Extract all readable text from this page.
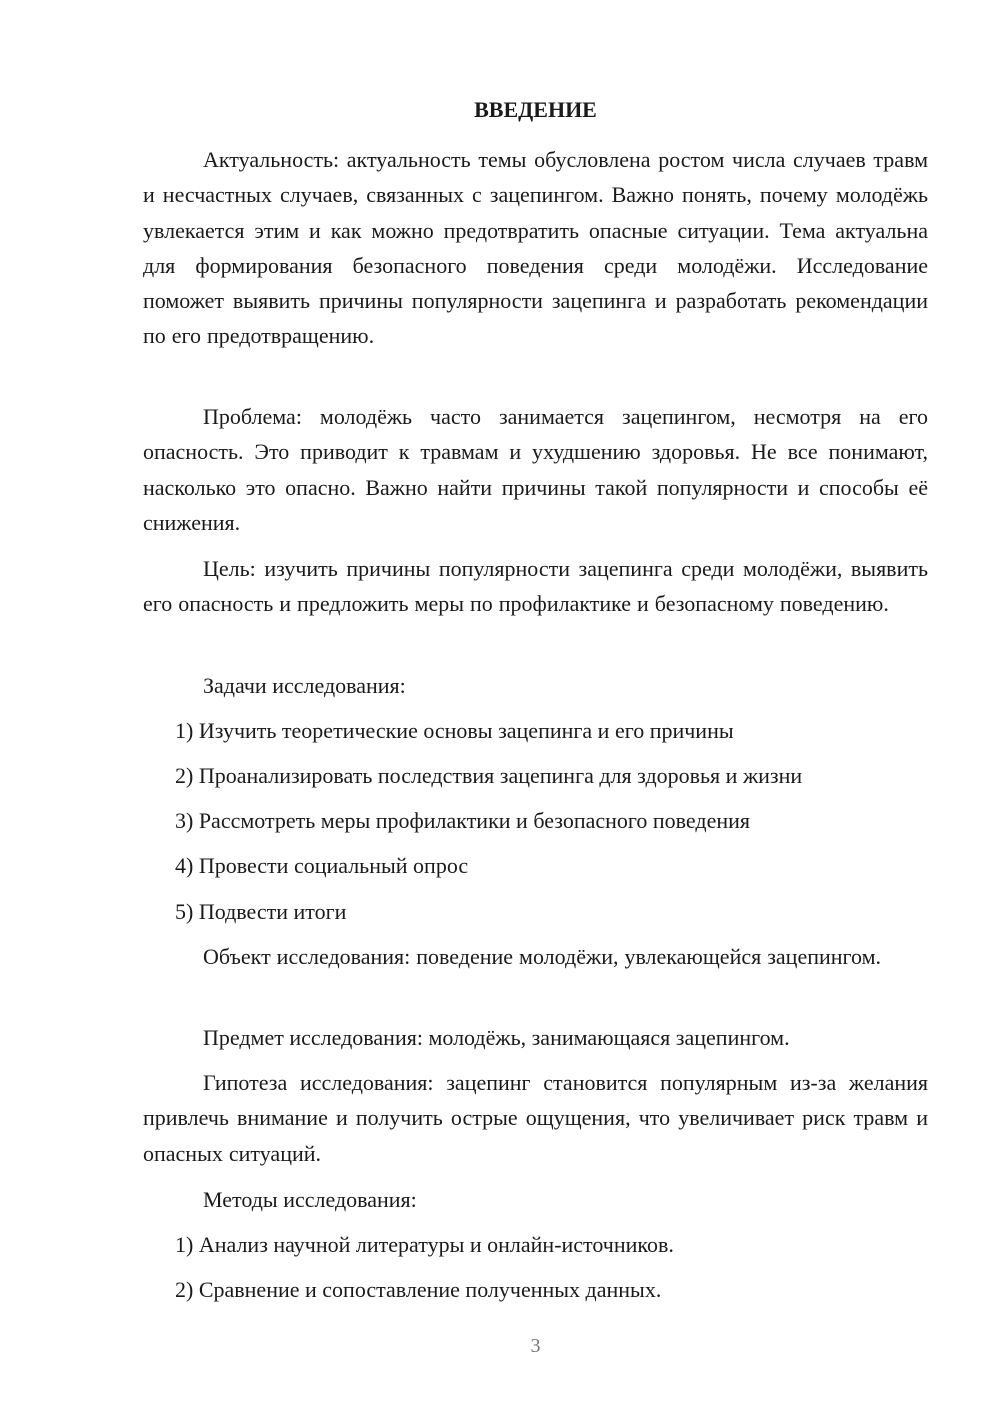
ВВЕДЕНИЕ

Актуальность: актуальность темы обусловлена ростом числа случаев травм и несчастных случаев, связанных с зацепингом. Важно понять, почему молодёжь увлекается этим и как можно предотвратить опасные ситуации. Тема актуальна для формирования безопасного поведения среди молодёжи. Исследование поможет выявить причины популярности зацепинга и разработать рекомендации по его предотвращению.

Проблема: молодёжь часто занимается зацепингом, несмотря на его опасность. Это приводит к травмам и ухудшению здоровья. Не все понимают, насколько это опасно. Важно найти причины такой популярности и способы её снижения.

Цель: изучить причины популярности зацепинга среди молодёжи, выявить его опасность и предложить меры по профилактике и безопасному поведению.

Задачи исследования:

1) Изучить теоретические основы зацепинга и его причины

2) Проанализировать последствия зацепинга для здоровья и жизни

3) Рассмотреть меры профилактики и безопасного поведения

4) Провести социальный опрос

5) Подвести итоги

Объект исследования: поведение молодёжи, увлекающейся зацепингом.

Предмет исследования: молодёжь, занимающаяся зацепингом.

Гипотеза исследования: зацепинг становится популярным из-за желания привлечь внимание и получить острые ощущения, что увеличивает риск травм и опасных ситуаций.

Методы исследования:

1) Анализ научной литературы и онлайн-источников.

2) Сравнение и сопоставление полученных данных.

3
